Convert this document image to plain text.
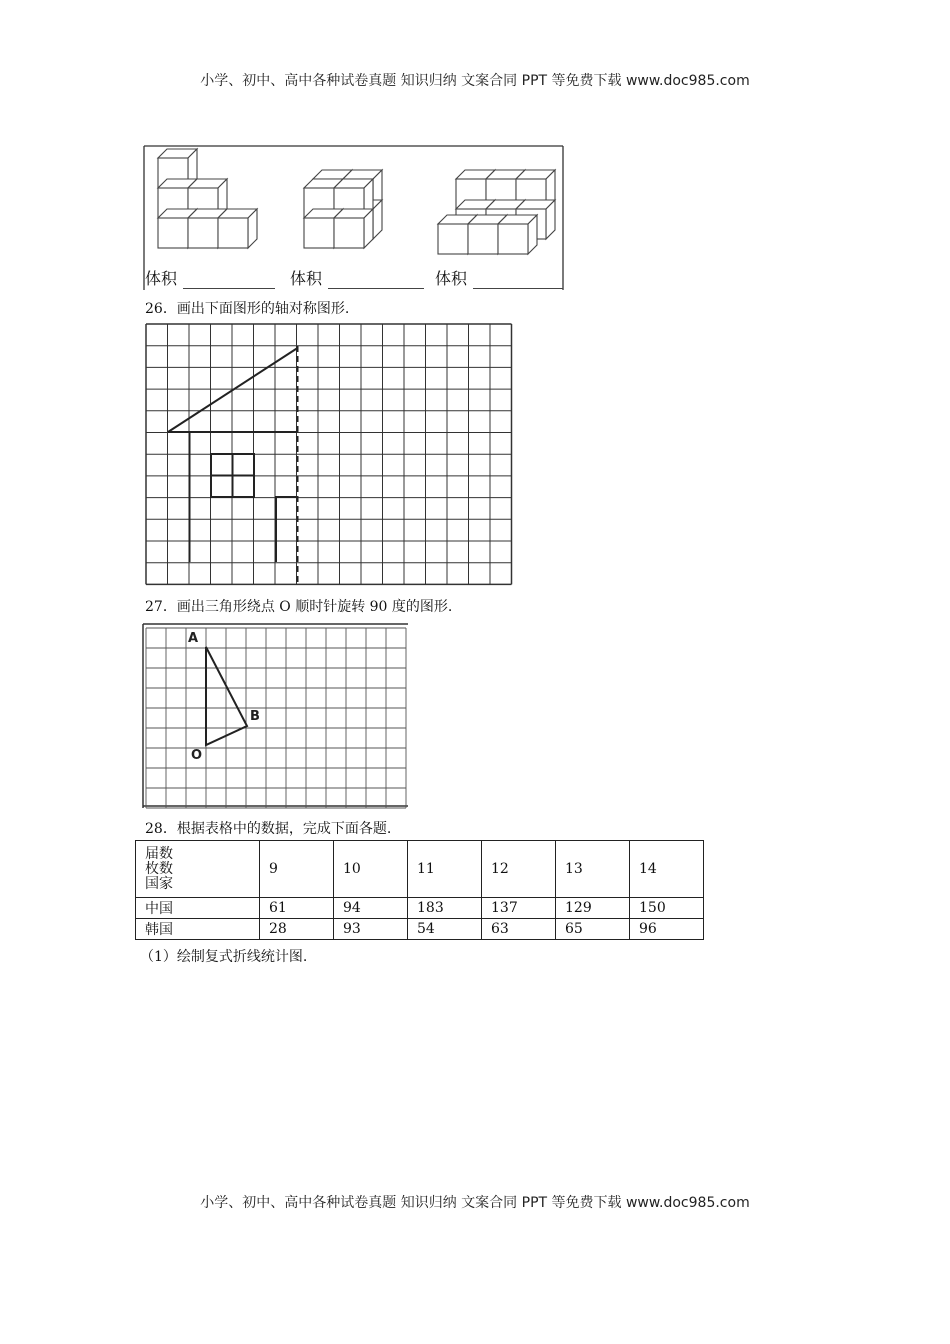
小学、初中、高中各种试卷真题 知识归纳 文案合同 PPT 等免费下载 www.doc985.com
体积	体积	体积
26．画出下面图形的轴对称图形.
27．画出三角形绕点 O 顺时针旋转 90 度的图形.
A
B
O
28．根据表格中的数据，完成下面各题.
届数
枚数
国家	9	10	11	12	13	14
中国	61	94	183	137	129	150
韩国	28	93	54	63	65	96
（1）绘制复式折线统计图.
小学、初中、高中各种试卷真题 知识归纳 文案合同 PPT 等免费下载 www.doc985.com
